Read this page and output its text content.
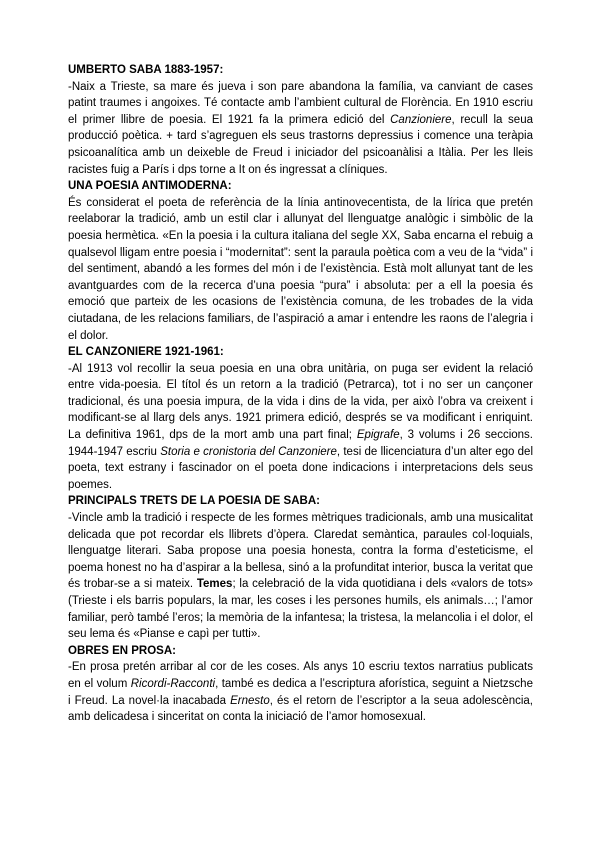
UMBERTO SABA 1883-1957:
-Naix a Trieste, sa mare és jueva i son pare abandona la família, va canviant de cases patint traumes i angoixes. Té contacte amb l’ambient cultural de Florència. En 1910 escriu el primer llibre de poesia. El 1921 fa la primera edició del Canzioniere, recull la seua producció poètica. + tard s’agreguen els seus trastorns depressius i comence una teràpia psicoanalítica amb un deixeble de Freud i iniciador del psicoanàlisi a Itàlia. Per les lleis racistes fuig a París i dps torne a It on és ingressat a clíniques.
UNA POESIA ANTIMODERNA:
És considerat el poeta de referència de la línia antinovecentista, de la lírica que pretén reelaborar la tradició, amb un estil clar i allunyat del llenguatge analògic i simbòlic de la poesia hermètica. «En la poesia i la cultura italiana del segle XX, Saba encarna el rebuig a qualsevol lligam entre poesia i “modernitat”: sent la paraula poètica com a veu de la “vida” i del sentiment, abandó a les formes del món i de l’existència. Està molt allunyat tant de les avantguardes com de la recerca d’una poesia “pura” i absoluta: per a ell la poesia és emoció que parteix de les ocasions de l’existència comuna, de les trobades de la vida ciutadana, de les relacions familiars, de l’aspiració a amar i entendre les raons de l’alegria i el dolor.
EL CANZONIERE 1921-1961:
-Al 1913 vol recollir la seua poesia en una obra unitària, on puga ser evident la relació entre vida-poesia. El títol és un retorn a la tradició (Petrarca), tot i no ser un cançoner tradicional, és una poesia impura, de la vida i dins de la vida, per això l’obra va creixent i modificant-se al llarg dels anys. 1921 primera edició, després se va modificant i enriquint. La definitiva 1961, dps de la mort amb una part final; Epigrafe, 3 volums i 26 seccions. 1944-1947 escriu Storia e cronistoria del Canzoniere, tesi de llicenciatura d’un alter ego del poeta, text estrany i fascinador on el poeta done indicacions i interpretacions dels seus poemes.
PRINCIPALS TRETS DE LA POESIA DE SABA:
-Vincle amb la tradició i respecte de les formes mètriques tradicionals, amb una musicalitat delicada que pot recordar els llibrets d’òpera. Claredat semàntica, paraules col·loquials, llenguatge literari. Saba propose una poesia honesta, contra la forma d’esteticisme, el poema honest no ha d’aspirar a la bellesa, sinó a la profunditat interior, busca la veritat que és trobar-se a si mateix. Temes; la celebració de la vida quotidiana i dels «valors de tots» (Trieste i els barris populars, la mar, les coses i les persones humils, els animals…; l’amor familiar, però també l’eros; la memòria de la infantesa; la tristesa, la melancolia i el dolor, el seu lema és «Pianse e capì per tutti».
OBRES EN PROSA:
-En prosa pretén arribar al cor de les coses. Als anys 10 escriu textos narratius publicats en el volum Ricordi-Racconti, també es dedica a l’escriptura aforística, seguint a Nietzsche i Freud. La novel·la inacabada Ernesto, és el retorn de l’escriptor a la seua adolescència, amb delicadesa i sinceritat on conta la iniciació de l’amor homosexual.
